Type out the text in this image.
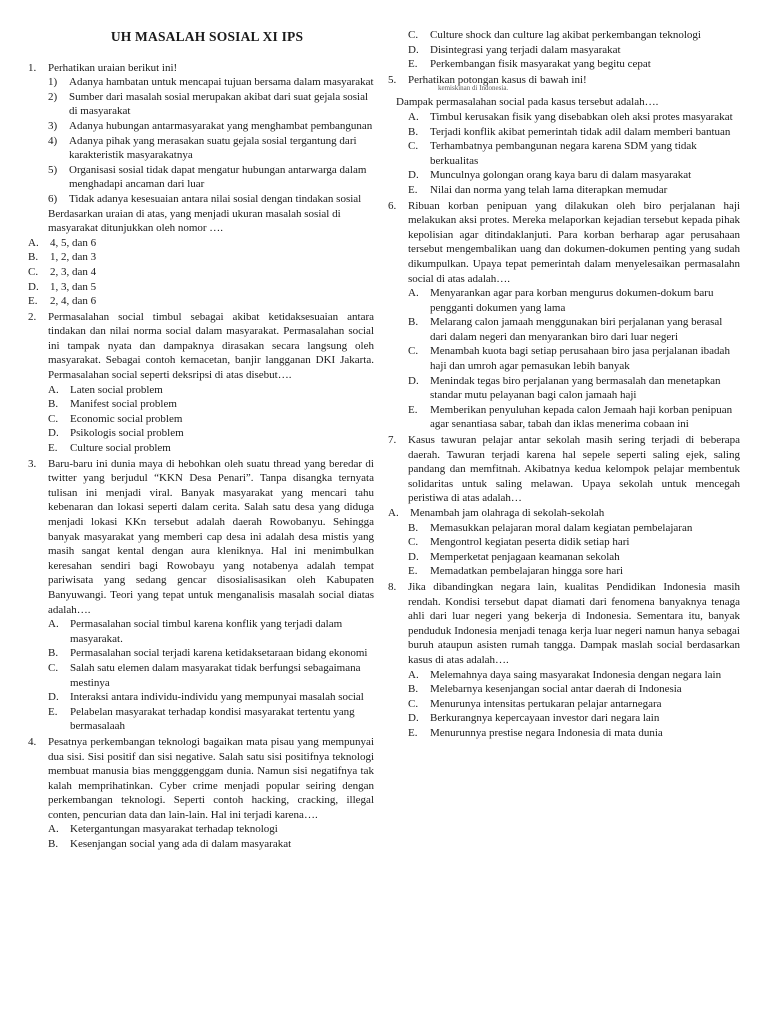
UH MASALAH SOSIAL XI IPS
1. Perhatikan uraian berikut ini!
1) Adanya hambatan untuk mencapai tujuan bersama dalam masyarakat
2) Sumber dari masalah sosial merupakan akibat dari suat gejala sosial di masyarakat
3) Adanya hubungan antarmasyarakat yang menghambat pembangunan
4) Adanya pihak yang merasakan suatu gejala sosial tergantung dari karakteristik masyarakatnya
5) Organisasi sosial tidak dapat mengatur hubungan antarwarga dalam menghadapi ancaman dari luar
6) Tidak adanya kesesuaian antara nilai sosial dengan tindakan sosial
Berdasarkan uraian di atas, yang menjadi ukuran masalah sosial di masyarakat ditunjukkan oleh nomor ….
A. 4, 5, dan 6
B. 1, 2, dan 3
C. 2, 3, dan 4
D. 1, 3, dan 5
E. 2, 4, dan 6
2. Permasalahan social timbul sebagai akibat ketidaksesuaian antara tindakan dan nilai norma social dalam masyarakat. Permasalahan social ini tampak nyata dan dampaknya dirasakan secara langsung oleh masyarakat. Sebagai contoh kemacetan, banjir langganan DKI Jakarta. Permasalahan social seperti deksripsi di atas disebut….
A. Laten social problem
B. Manifest social problem
C. Economic social problem
D. Psikologis social problem
E. Culture social problem
3. Baru-baru ini dunia maya di hebohkan oleh suatu thread yang beredar di twitter yang berjudul “KKN Desa Penari”. Tanpa disangka ternyata tulisan ini menjadi viral. Banyak masyarakat yang mencari tahu kebenaran dan lokasi seperti dalam cerita. Salah satu desa yang diduga menjadi lokasi KKn tersebut adalah daerah Rowobanyu. Sehingga banyak masyarakat yang memberi cap desa ini adalah desa mistis yang masih sangat kental dengan aura kleniknya. Hal ini menimbulkan keresahan sendiri bagi Rowobayu yang notabenya adalah tempat pariwisata yang sedang gencar disosialisasikan oleh Kabupaten Banyuwangi. Teori yang tepat untuk menganalisis masalah social diatas adalah….
A. Permasalahan social timbul karena konflik yang terjadi dalam masyarakat.
B. Permasalahan social terjadi karena ketidaksetaraan bidang ekonomi
C. Salah satu elemen dalam masyarakat tidak berfungsi sebagaimana mestinya
D. Interaksi antara individu-individu yang mempunyai masalah social
E. Pelabelan masyarakat terhadap kondisi masyarakat tertentu yang bermasalaah
4. Pesatnya perkembangan teknologi bagaikan mata pisau yang mempunyai dua sisi. Sisi positif dan sisi negative. Salah satu sisi positifnya teknologi membuat manusia bias mengggenggam dunia. Namun sisi negatifnya tak kalah memprihatinkan. Cyber crime menjadi popular seiring dengan perkembangan teknologi. Seperti contoh hacking, cracking, illegal conten, pencurian data dan lain-lain. Hal ini terjadi karena….
A. Ketergantungan masyarakat terhadap teknologi
B. Kesenjangan social yang ada di dalam masyarakat
C. Culture shock dan culture lag akibat perkembangan teknologi
D. Disintegrasi yang terjadi dalam masyarakat
E. Perkembangan fisik masyarakat yang begitu cepat
5. Perhatikan potongan kasus di bawah ini!
kemiskinan di Indonesia.
Dampak permasalahan social pada kasus tersebut adalah….
A. Timbul kerusakan fisik yang disebabkan oleh aksi protes masyarakat
B. Terjadi konflik akibat pemerintah tidak adil dalam memberi bantuan
C. Terhambatnya pembangunan negara karena SDM yang tidak berkualitas
D. Munculnya golongan orang kaya baru di dalam masyarakat
E. Nilai dan norma yang telah lama diterapkan memudar
6. Ribuan korban penipuan yang dilakukan oleh biro perjalanan haji melakukan aksi protes. Mereka melaporkan kejadian tersebut kepada pihak kepolisian agar ditindaklanjuti. Para korban berharap agar perusahaan tersebut mengembalikan uang dan dokumen-dokumen penting yang sudah dikumpulkan. Upaya tepat pemerintah dalam menyelesaikan permasalahn social di atas adalah….
A. Menyarankan agar para korban mengurus dokumen-dokum baru pengganti dokumen yang lama
B. Melarang calon jamaah menggunakan biri perjalanan yang berasal dari dalam negeri dan menyarankan biro dari luar negeri
C. Menambah kuota bagi setiap perusahaan biro jasa perjalanan ibadah haji dan umroh agar pemasukan lebih banyak
D. Menindak tegas biro perjalanan yang bermasalah dan menetapkan standar mutu pelayanan bagi calon jamaah haji
E. Memberikan penyuluhan kepada calon Jemaah haji korban penipuan agar senantiasa sabar, tabah dan iklas menerima cobaan ini
7. Kasus tawuran pelajar antar sekolah masih sering terjadi di beberapa daerah. Tawuran terjadi karena hal sepele seperti saling ejek, saling pandang dan memfitnah. Akibatnya kedua kelompok pelajar membentuk solidaritas untuk saling melawan. Upaya sekolah untuk mencegah peristiwa di atas adalah…
A. Menambah jam olahraga di sekolah-sekolah
B. Memasukkan pelajaran moral dalam kegiatan pembelajaran
C. Mengontrol kegiatan peserta didik setiap hari
D. Memperketat penjagaan keamanan sekolah
E. Memadatkan pembelajaran hingga sore hari
8. Jika dibandingkan negara lain, kualitas Pendidikan Indonesia masih rendah. Kondisi tersebut dapat diamati dari fenomena banyaknya tenaga ahli dari luar negeri yang bekerja di Indonesia. Sementara itu, banyak penduduk Indonesia menjadi tenaga kerja luar negeri namun hanya sebagai buruh ataupun asisten rumah tangga. Dampak maslah social berdasarkan kasus di atas adalah….
A. Melemahnya daya saing masyarakat Indonesia dengan negara lain
B. Melebarnya kesenjangan social antar daerah di Indonesia
C. Menurunya intensitas pertukaran pelajar antarnegara
D. Berkurangnya kepercayaan investor dari negara lain
E. Menurunnya prestise negara Indonesia di mata dunia
